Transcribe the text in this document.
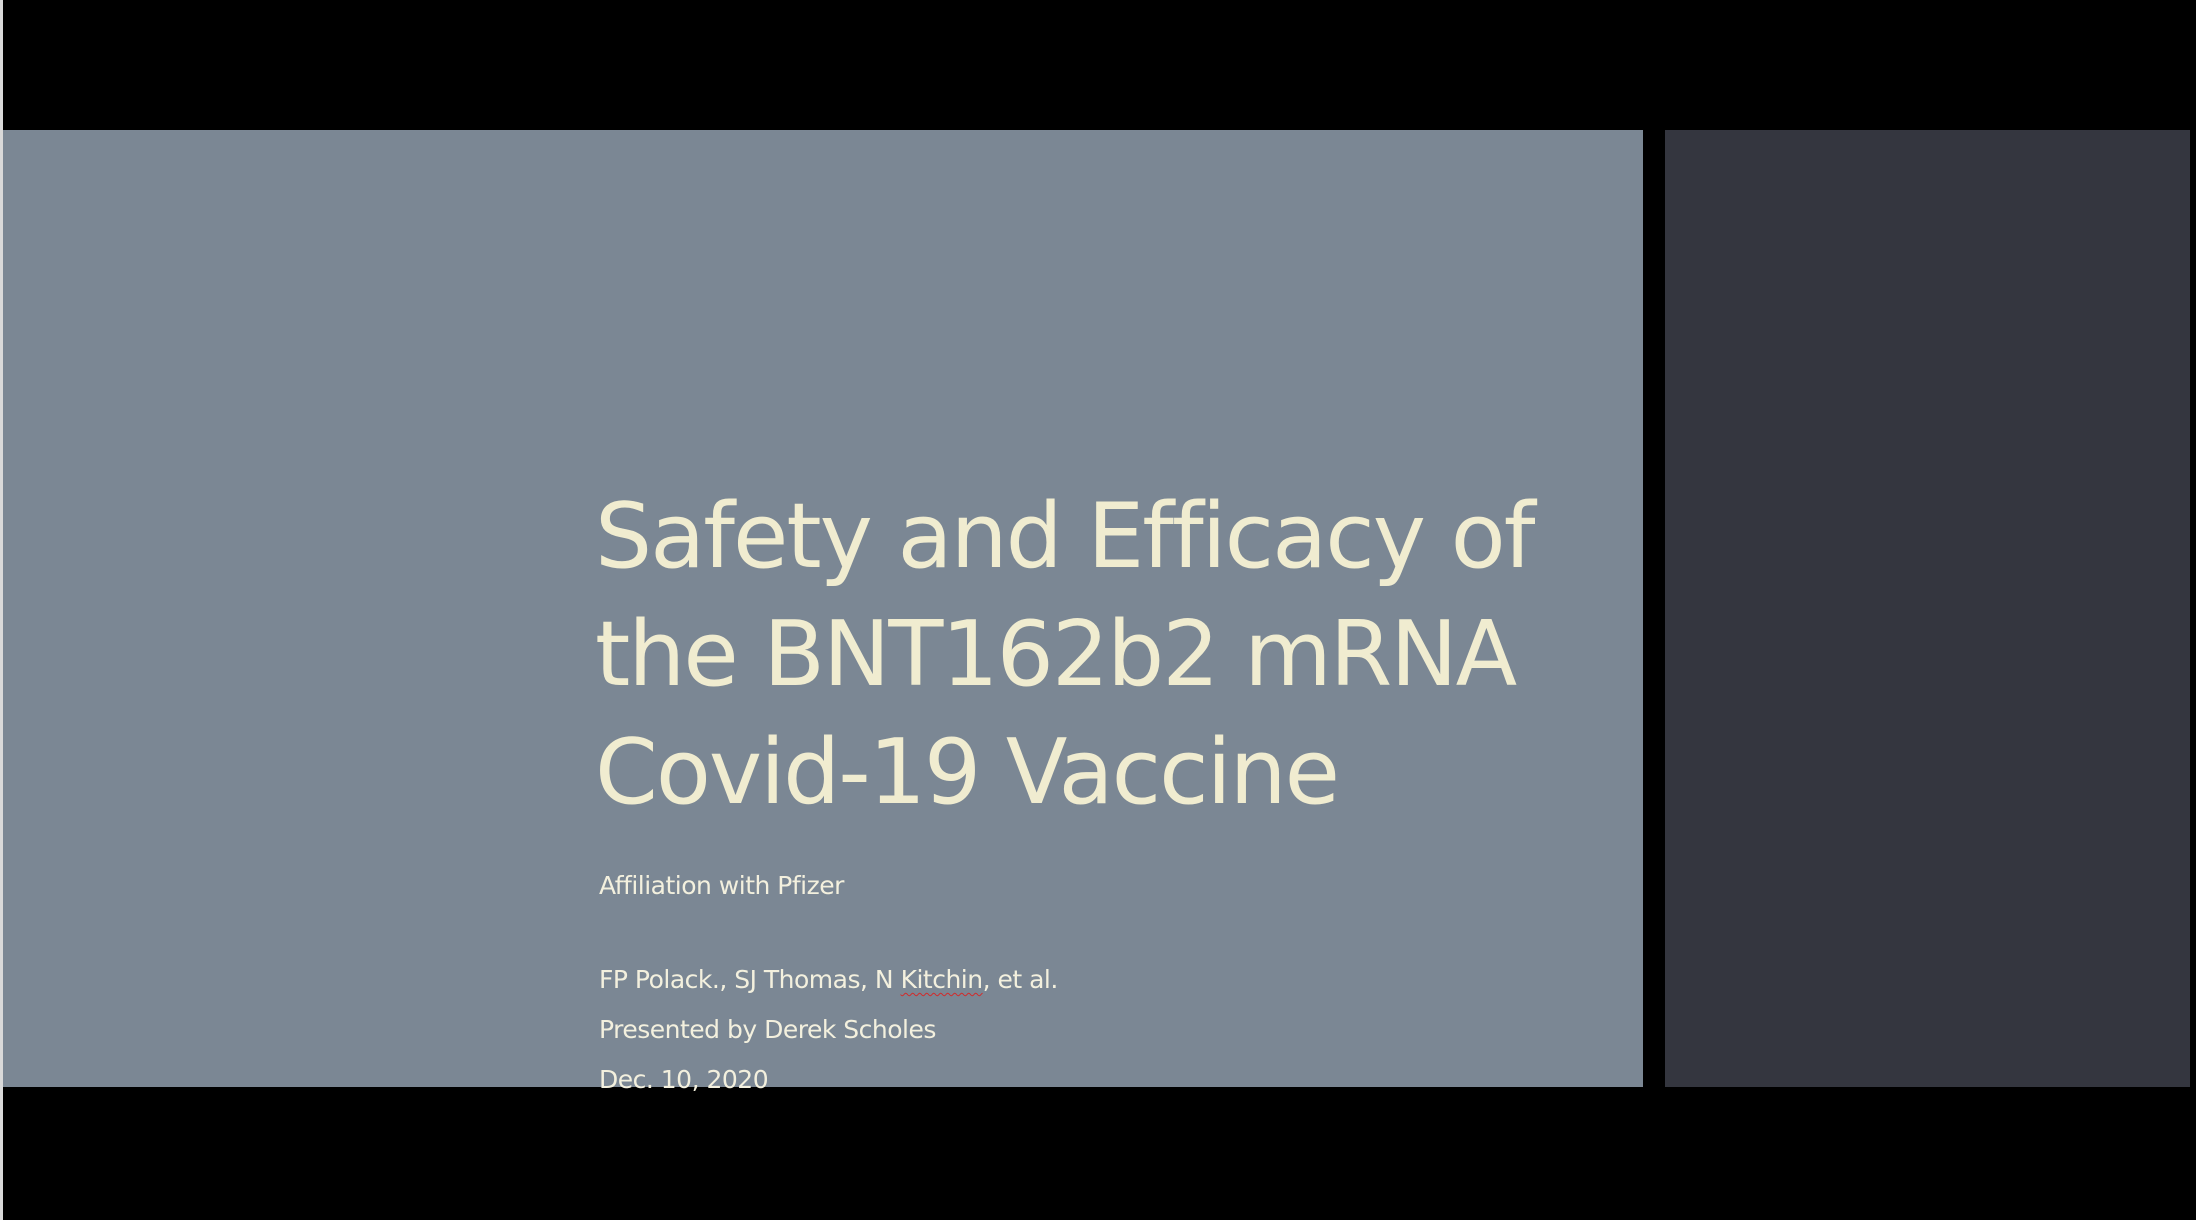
Safety and Efficacy of the BNT162b2 mRNA Covid-19 Vaccine

Affiliation with Pfizer

FP Polack., SJ Thomas, N Kitchin, et al.
Presented by Derek Scholes
Dec. 10, 2020
